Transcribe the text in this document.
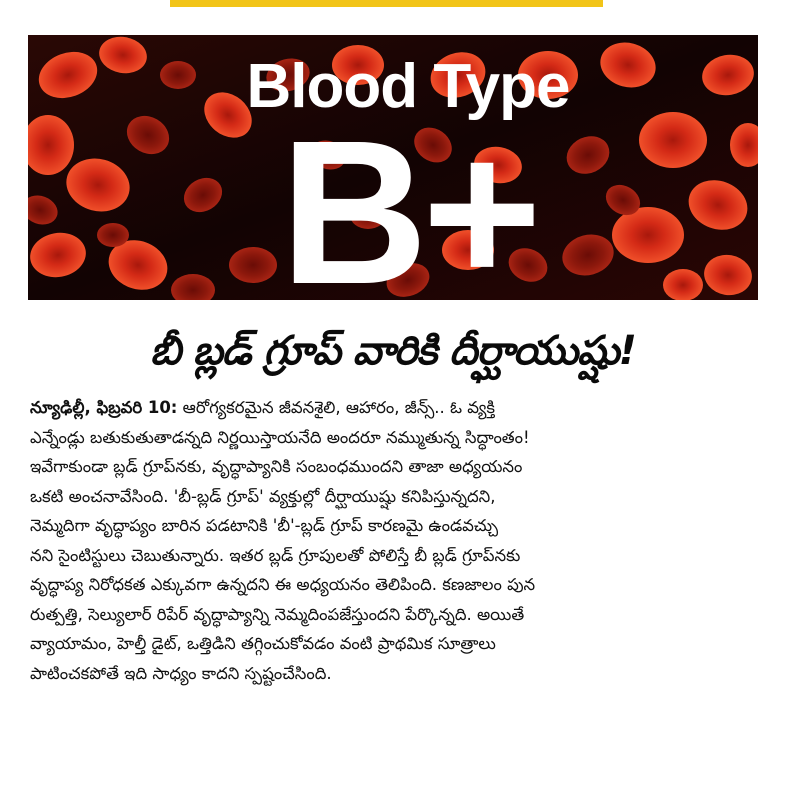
Blood Type
B+
బీ బ్లడ్ గ్రూప్ వారికి దీర్ఘాయుష్షు!
న్యూఢిల్లీ, ఫిబ్రవరి 10: ఆరోగ్యకరమైన జీవనశైలి, ఆహారం, జీన్స్.. ఓ వ్యక్తి
ఎన్నేండ్లు బతుకుతుతాడన్నది నిర్ణయిస్తాయనేది అందరూ నమ్ముతున్న సిద్ధాంతం!
ఇవేగాకుండా బ్లడ్ గ్రూప్‌నకు, వృద్ధాప్యానికి సంబంధముందని తాజా అధ్యయనం
ఒకటి అంచనావేసింది. 'బీ-బ్లడ్ గ్రూప్' వ్యక్తుల్లో దీర్ఘాయుష్షు కనిపిస్తున్నదని,
నెమ్మదిగా వృద్ధాప్యం బారిన పడటానికి 'బీ'-బ్లడ్ గ్రూప్ కారణమై ఉండవచ్చు
నని సైంటిస్టులు చెబుతున్నారు. ఇతర బ్లడ్ గ్రూపులతో పోలిస్తే బీ బ్లడ్ గ్రూప్‌నకు
వృద్ధాప్య నిరోధకత ఎక్కువగా ఉన్నదని ఈ అధ్యయనం తెలిపింది. కణజాలం పున
రుత్పత్తి, సెల్యులార్ రిపేర్ వృద్ధాప్యాన్ని నెమ్మదింపజేస్తుందని పేర్కొన్నది. అయితే
వ్యాయామం, హెల్తీ డైట్, ఒత్తిడిని తగ్గించుకోవడం వంటి ప్రాథమిక సూత్రాలు
పాటించకపోతే ఇది సాధ్యం కాదని స్పష్టంచేసింది.
